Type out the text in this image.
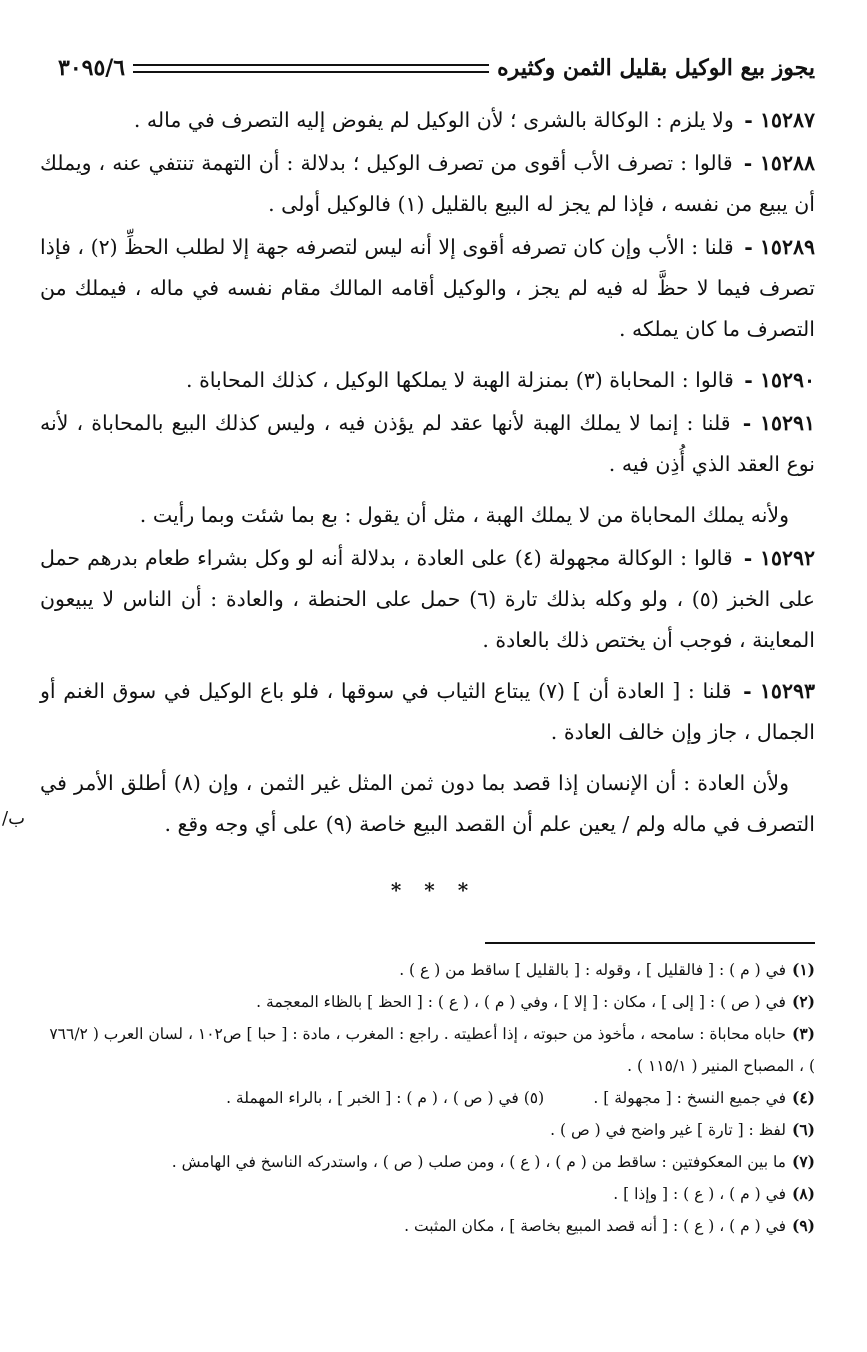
يجوز بيع الوكيل بقليل الثمن وكثيره
٣٠٩٥/٦

١٥٢٨٧ - ولا يلزم : الوكالة بالشرى ؛ لأن الوكيل لم يفوض إليه التصرف في ماله .

١٥٢٨٨ - قالوا : تصرف الأب أقوى من تصرف الوكيل ؛ بدلالة : أن التهمة تنتفي عنه ، ويملك أن يبيع من نفسه ، فإذا لم يجز له البيع بالقليل (١) فالوكيل أولى .

١٥٢٨٩ - قلنا : الأب وإن كان تصرفه أقوى إلا أنه ليس لتصرفه جهة إلا لطلب الحظِّ (٢) ، فإذا تصرف فيما لا حظَّ له فيه لم يجز ، والوكيل أقامه المالك مقام نفسه في ماله ، فيملك من التصرف ما كان يملكه .

١٥٢٩٠ - قالوا : المحاباة (٣) بمنزلة الهبة لا يملكها الوكيل ، كذلك المحاباة .

١٥٢٩١ - قلنا : إنما لا يملك الهبة لأنها عقد لم يؤذن فيه ، وليس كذلك البيع بالمحاباة ، لأنه نوع العقد الذي أُذِن فيه .

ولأنه يملك المحاباة من لا يملك الهبة ، مثل أن يقول : بع بما شئت وبما رأيت .

١٥٢٩٢ - قالوا : الوكالة مجهولة (٤) على العادة ، بدلالة أنه لو وكل بشراء طعام بدرهم حمل على الخبز (٥) ، ولو وكله بذلك تارة (٦) حمل على الحنطة ، والعادة : أن الناس لا يبيعون المعاينة ، فوجب أن يختص ذلك بالعادة .

١٥٢٩٣ - قلنا : [ العادة أن ] (٧) يبتاع الثياب في سوقها ، فلو باع الوكيل في سوق الغنم أو الجمال ، جاز وإن خالف العادة .

ولأن العادة : أن الإنسان إذا قصد بما دون ثمن المثل غير الثمن ، وإن (٨) أطلق الأمر في التصرف في ماله ولم / يعين علم أن القصد البيع خاصة (٩) على أي وجه وقع .

ب/
* * *

(١)في ( م ) : [ فالقليل ] ، وقوله : [ بالقليل ] ساقط من ( ع ) .

(٢)في ( ص ) : [ إلى ] ، مكان : [ إلا ] ، وفي ( م ) ، ( ع ) : [ الحظ ] بالظاء المعجمة .

(٣)حاباه محاباة : سامحه ، مأخوذ من حبوته ، إذا أعطيته . راجع : المغرب ، مادة : [ حبا ] ص١٠٢ ، لسان العرب ( ٧٦٦/٢ ) ، المصباح المنير ( ١١٥/١ ) .

(٤)في جميع النسخ : [ مجهولة ] .          (٥) في ( ص ) ، ( م ) : [ الخبر ] ، بالراء المهملة .

(٦)لفظ : [ تارة ] غير واضح في ( ص ) .

(٧)ما بين المعكوفتين : ساقط من ( م ) ، ( ع ) ، ومن صلب ( ص ) ، واستدركه الناسخ في الهامش .

(٨)في ( م ) ، ( ع ) : [ وإذا ] .

(٩)في ( م ) ، ( ع ) : [ أنه قصد المبيع بخاصة ] ، مكان المثبت .
